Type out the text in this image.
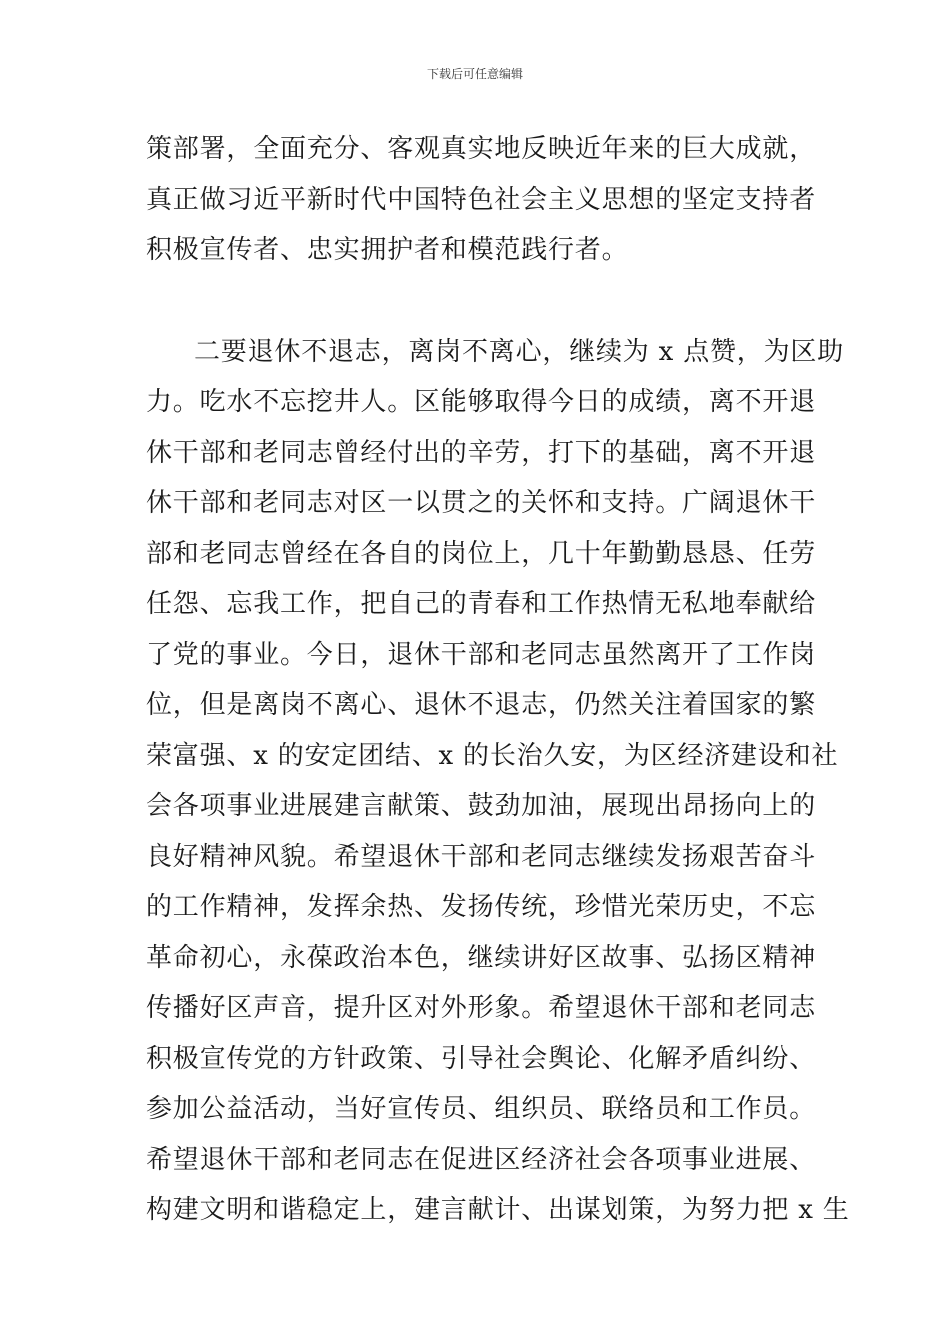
下载后可任意编辑
策部署，全面充分、客观真实地反映近年来的巨大成就，
真正做习近平新时代中国特色社会主义思想的坚定支持者
积极宣传者、忠实拥护者和模范践行者。
二要退休不退志，离岗不离心，继续为 x 点赞，为区助
力。吃水不忘挖井人。区能够取得今日的成绩，离不开退
休干部和老同志曾经付出的辛劳，打下的基础，离不开退
休干部和老同志对区一以贯之的关怀和支持。广阔退休干
部和老同志曾经在各自的岗位上，几十年勤勤恳恳、任劳
任怨、忘我工作，把自己的青春和工作热情无私地奉献给
了党的事业。今日，退休干部和老同志虽然离开了工作岗
位，但是离岗不离心、退休不退志，仍然关注着国家的繁
荣富强、x 的安定团结、x 的长治久安，为区经济建设和社
会各项事业进展建言献策、鼓劲加油，展现出昂扬向上的
良好精神风貌。希望退休干部和老同志继续发扬艰苦奋斗
的工作精神，发挥余热、发扬传统，珍惜光荣历史，不忘
革命初心，永葆政治本色，继续讲好区故事、弘扬区精神
传播好区声音，提升区对外形象。希望退休干部和老同志
积极宣传党的方针政策、引导社会舆论、化解矛盾纠纷、
参加公益活动，当好宣传员、组织员、联络员和工作员。
希望退休干部和老同志在促进区经济社会各项事业进展、
构建文明和谐稳定上，建言献计、出谋划策，为努力把 x 生
